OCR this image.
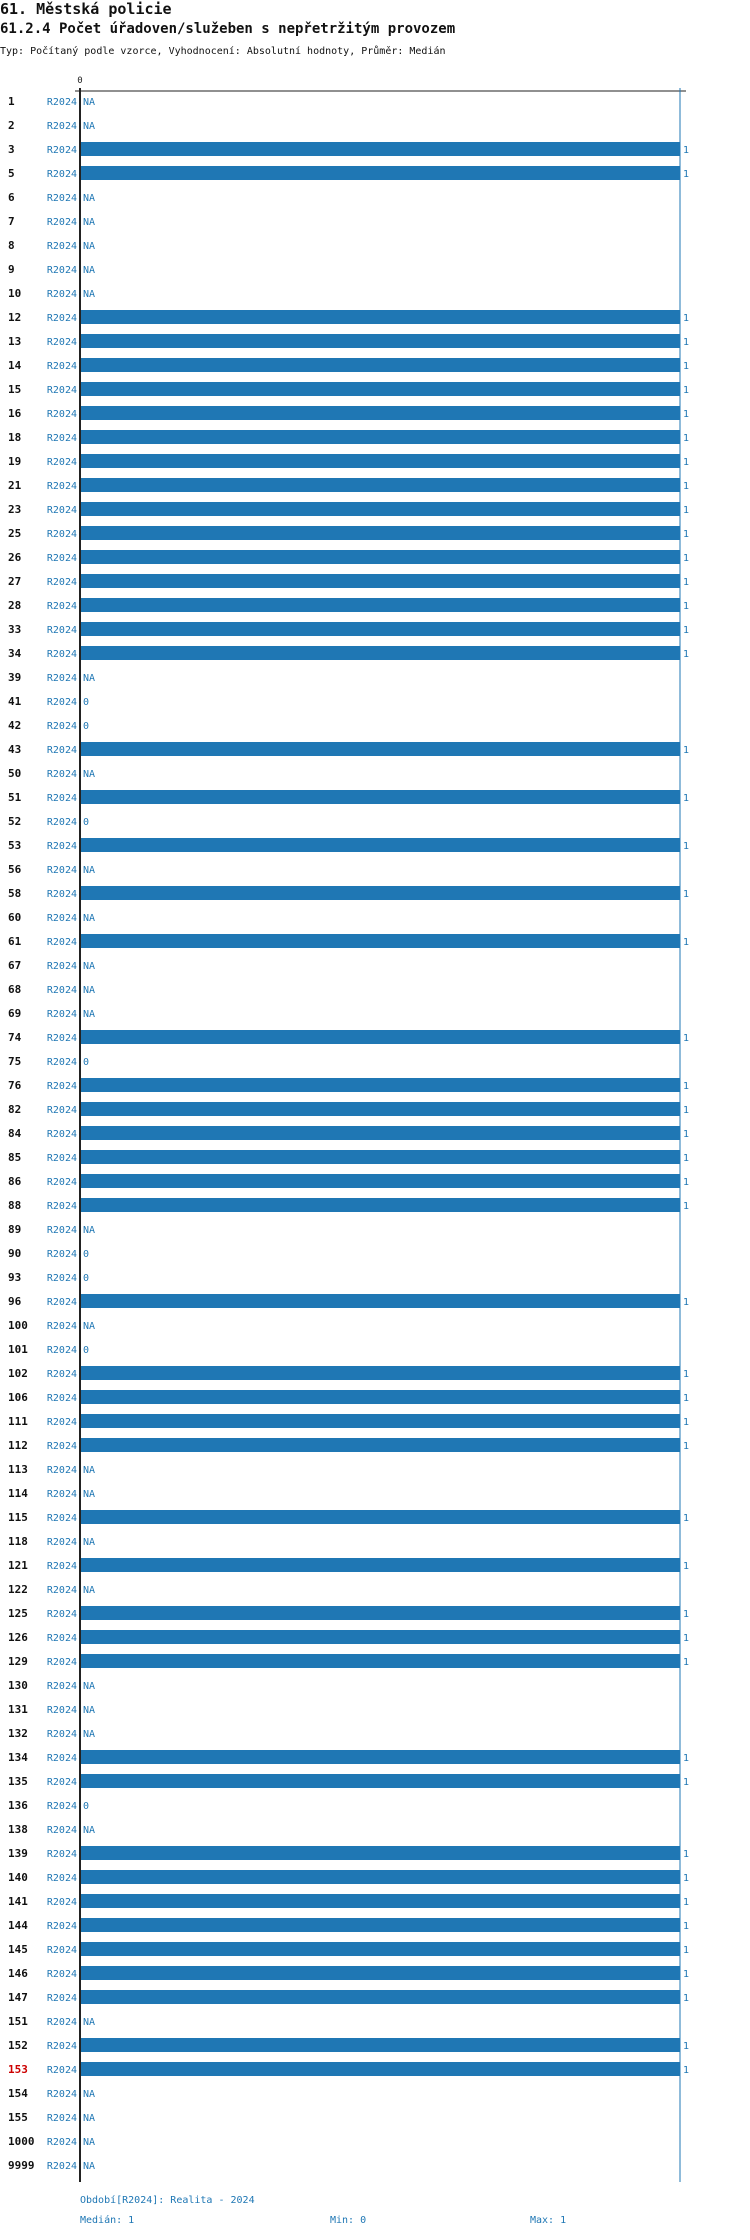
61. Městská policie
61.2.4 Počet úřadoven/služeben s nepřetržitým provozem
Typ: Počítaný podle vzorce, Vyhodnocení: Absolutní hodnoty, Průměr: Medián
0
1	R2024 NA
2	R2024 NA
3	R2024	1
5	R2024	1
6	R2024 NA
7	R2024 NA
8	R2024 NA
9	R2024 NA
10	R2024 NA
12	R2024	1
13	R2024	1
14	R2024	1
15	R2024	1
16	R2024	1
18	R2024	1
19	R2024	1
21	R2024	1
23	R2024	1
25	R2024	1
26	R2024	1
27	R2024	1
28	R2024	1
33	R2024	1
34	R2024	1
39	R2024 NA
41	R2024 0
42	R2024 0
43	R2024	1
50	R2024 NA
51	R2024	1
52	R2024 0
53	R2024	1
56	R2024 NA
58	R2024	1
60	R2024 NA
61	R2024	1
67	R2024 NA
68	R2024 NA
69	R2024 NA
74	R2024	1
75	R2024 0
76	R2024	1
82	R2024	1
84	R2024	1
85	R2024	1
86	R2024	1
88	R2024	1
89	R2024 NA
90	R2024 0
93	R2024 0
96	R2024	1
100 R2024 NA
101 R2024 0
102 R2024	1
106 R2024	1
111 R2024	1
112 R2024	1
113 R2024 NA
114 R2024 NA
115 R2024	1
118 R2024 NA
121 R2024	1
122 R2024 NA
125 R2024	1
126 R2024	1
129 R2024	1
130 R2024 NA
131 R2024 NA
132 R2024 NA
134 R2024	1
135 R2024	1
136 R2024 0
138 R2024 NA
139 R2024	1
140 R2024	1
141 R2024	1
144 R2024	1
145 R2024	1
146 R2024	1
147 R2024	1
151 R2024 NA
152 R2024	1
153 R2024	1
154 R2024 NA
155 R2024 NA
1000 R2024 NA
9999 R2024 NA
Období[R2024]: Realita - 2024
Medián: 1	Min: 0	Max: 1
